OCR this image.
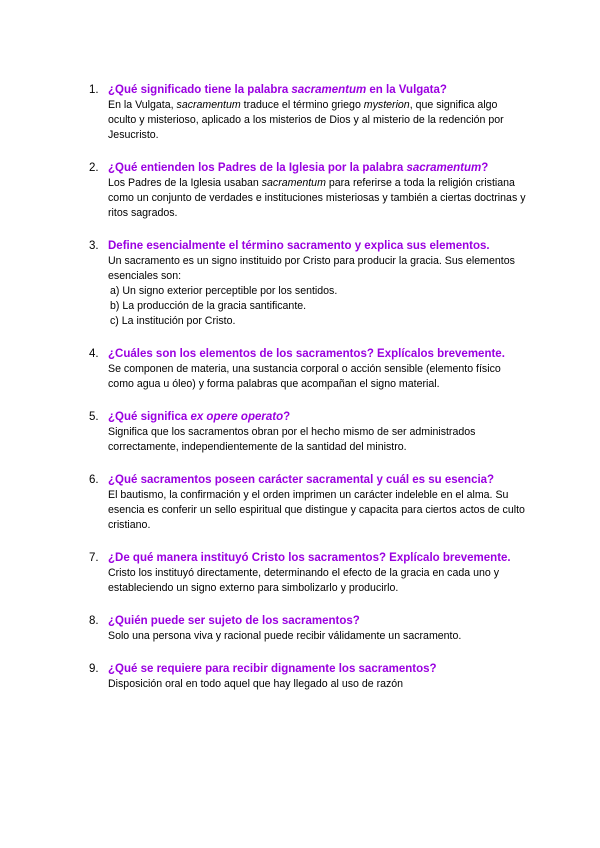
1. ¿Qué significado tiene la palabra sacramentum en la Vulgata?
En la Vulgata, sacramentum traduce el término griego mysterion, que significa algo oculto y misterioso, aplicado a los misterios de Dios y al misterio de la redención por Jesucristo.
2. ¿Qué entienden los Padres de la Iglesia por la palabra sacramentum?
Los Padres de la Iglesia usaban sacramentum para referirse a toda la religión cristiana como un conjunto de verdades e instituciones misteriosas y también a ciertas doctrinas y ritos sagrados.
3. Define esencialmente el término sacramento y explica sus elementos.
Un sacramento es un signo instituido por Cristo para producir la gracia. Sus elementos esenciales son:
a) Un signo exterior perceptible por los sentidos.
b) La producción de la gracia santificante.
c) La institución por Cristo.
4. ¿Cuáles son los elementos de los sacramentos? Explícalos brevemente.
Se componen de materia, una sustancia corporal o acción sensible (elemento físico como agua u óleo) y forma palabras que acompañan el signo material.
5. ¿Qué significa ex opere operato?
Significa que los sacramentos obran por el hecho mismo de ser administrados correctamente, independientemente de la santidad del ministro.
6. ¿Qué sacramentos poseen carácter sacramental y cuál es su esencia?
El bautismo, la confirmación y el orden imprimen un carácter indeleble en el alma. Su esencia es conferir un sello espiritual que distingue y capacita para ciertos actos de culto cristiano.
7. ¿De qué manera instituyó Cristo los sacramentos? Explícalo brevemente.
Cristo los instituyó directamente, determinando el efecto de la gracia en cada uno y estableciendo un signo externo para simbolizarlo y producirlo.
8. ¿Quién puede ser sujeto de los sacramentos?
Solo una persona viva y racional puede recibir válidamente un sacramento.
9. ¿Qué se requiere para recibir dignamente los sacramentos?
Disposición oral en todo aquel que hay llegado al uso de razón
